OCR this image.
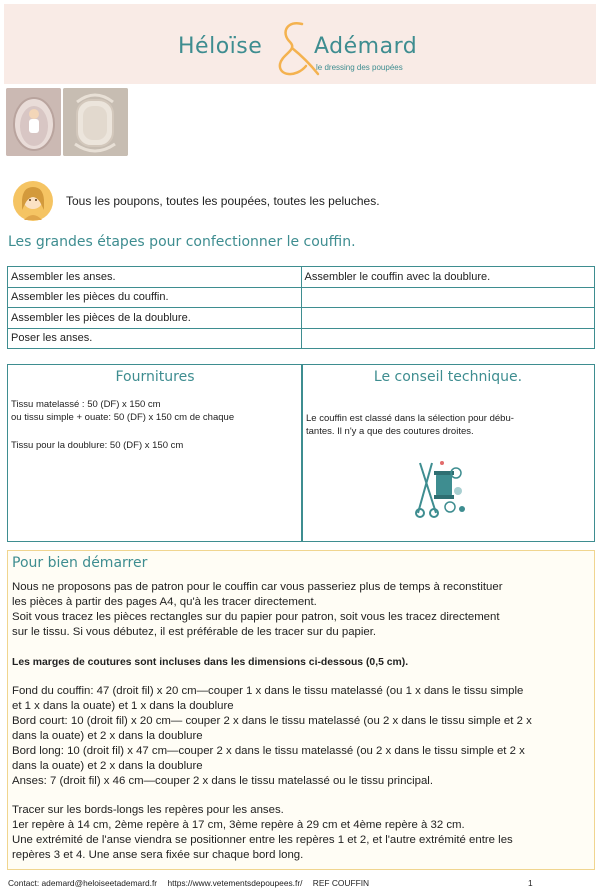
Héloïse Adémard
le dressing des poupées
Tous les poupons, toutes les poupées, toutes les peluches.
Les grandes étapes pour confectionner le couffin.
Assembler les anses.	Assembler le couffin avec la doublure.
Assembler les pièces du couffin.	
Assembler les pièces de la doublure.	
Poser les anses.	
Fournitures
Tissu matelassé : 50 (DF) x 150 cm
ou tissu simple + ouate: 50 (DF) x 150 cm de chaque
Tissu pour la doublure: 50 (DF) x 150 cm
Le conseil technique.
Le couffin est classé dans la sélection pour débu-
tantes. Il n'y a que des coutures droites.
Pour bien démarrer
Nous ne proposons pas de patron pour le couffin car vous passeriez plus de temps à reconstituer
les pièces à partir des pages A4, qu'à les tracer directement.
Soit vous tracez les pièces rectangles sur du papier pour patron, soit vous les tracez directement
sur le tissu. Si vous débutez, il est préférable de les tracer sur du papier.
Les marges de coutures sont incluses dans les dimensions ci-dessous (0,5 cm).
Fond du couffin: 47 (droit fil) x 20 cm—couper 1 x dans le tissu matelassé (ou 1 x dans le tissu simple
et 1 x dans la ouate) et 1 x dans la doublure
Bord court: 10 (droit fil) x 20 cm— couper 2 x dans le tissu matelassé (ou 2 x dans le tissu simple et 2 x
dans la ouate) et 2 x dans la doublure
Bord long: 10 (droit fil) x 47 cm—couper 2 x dans le tissu matelassé (ou 2 x dans le tissu simple et 2 x
dans la ouate) et 2 x dans la doublure
Anses: 7 (droit fil) x 46 cm—couper 2 x dans le tissu matelassé ou le tissu principal.
Tracer sur les bords-longs les repères pour les anses.
1er repère à 14 cm, 2ème repère à 17 cm, 3ème repère à 29 cm et 4ème repère à 32 cm.
Une extrémité de l'anse viendra se positionner entre les repères 1 et 2, et l'autre extrémité entre les
repères 3 et 4. Une anse sera fixée sur chaque bord long.
Contact: ademard@heloiseetademard.fr https://www.vetementsdepoupees.fr/ REF COUFFIN	1
